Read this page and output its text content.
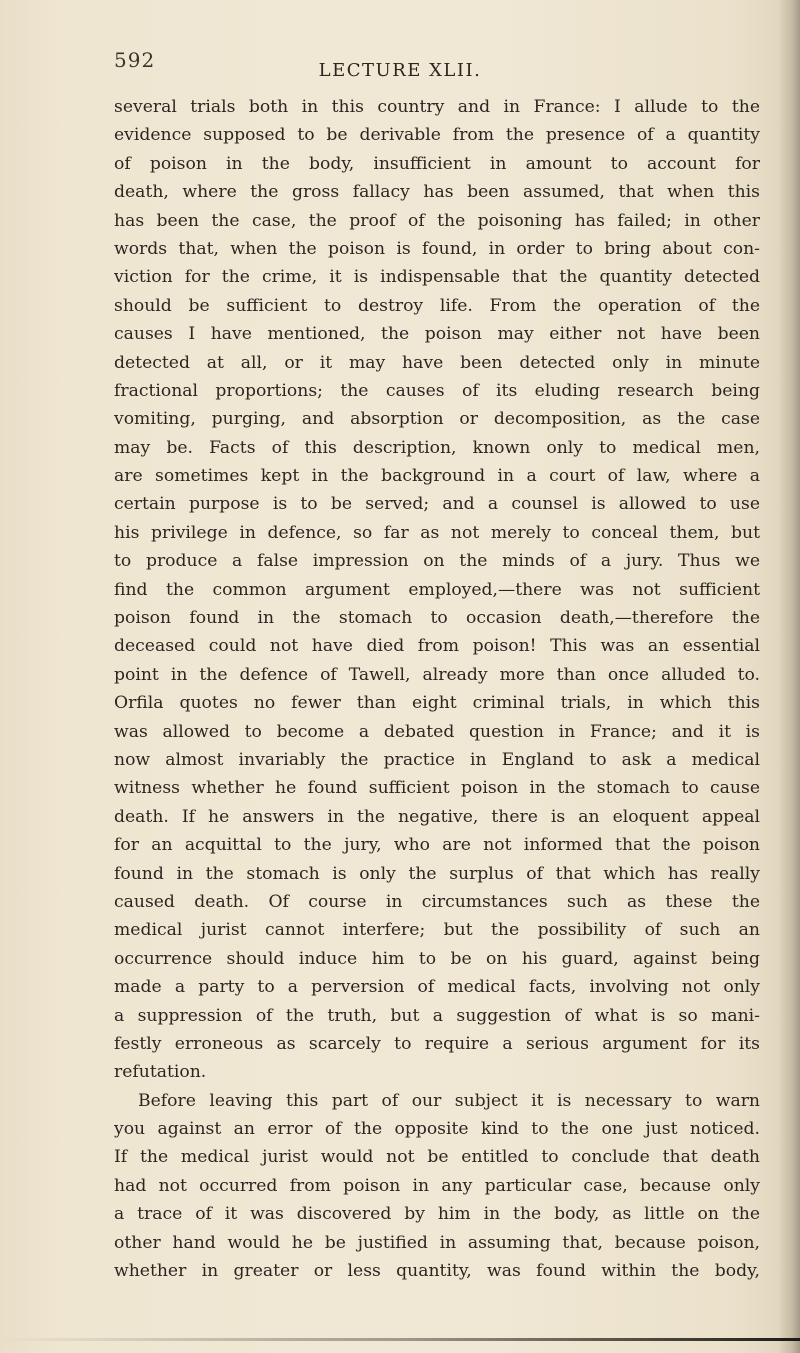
592	LECTURE XLII.
several trials both in this country and in France: I allude to the
evidence supposed to be derivable from the presence of a quantity
of poison in the body, insufficient in amount to account for
death, where the gross fallacy has been assumed, that when this
has been the case, the proof of the poisoning has failed; in other
words that, when the poison is found, in order to bring about con-
viction for the crime, it is indispensable that the quantity detected
should be sufficient to destroy life. From the operation of the
causes I have mentioned, the poison may either not have been
detected at all, or it may have been detected only in minute
fractional proportions; the causes of its eluding research being
vomiting, purging, and absorption or decomposition, as the case
may be. Facts of this description, known only to medical men,
are sometimes kept in the background in a court of law, where a
certain purpose is to be served; and a counsel is allowed to use
his privilege in defence, so far as not merely to conceal them, but
to produce a false impression on the minds of a jury. Thus we
find the common argument employed,—there was not sufficient
poison found in the stomach to occasion death,—therefore the
deceased could not have died from poison! This was an essential
point in the defence of Tawell, already more than once alluded to.
Orfila quotes no fewer than eight criminal trials, in which this
was allowed to become a debated question in France; and it is
now almost invariably the practice in England to ask a medical
witness whether he found sufficient poison in the stomach to cause
death. If he answers in the negative, there is an eloquent appeal
for an acquittal to the jury, who are not informed that the poison
found in the stomach is only the surplus of that which has really
caused death. Of course in circumstances such as these the
medical jurist cannot interfere; but the possibility of such an
occurrence should induce him to be on his guard, against being
made a party to a perversion of medical facts, involving not only
a suppression of the truth, but a suggestion of what is so mani-
festly erroneous as scarcely to require a serious argument for its
refutation.
Before leaving this part of our subject it is necessary to warn
you against an error of the opposite kind to the one just noticed.
If the medical jurist would not be entitled to conclude that death
had not occurred from poison in any particular case, because only
a trace of it was discovered by him in the body, as little on the
other hand would he be justified in assuming that, because poison,
whether in greater or less quantity, was found within the body,
